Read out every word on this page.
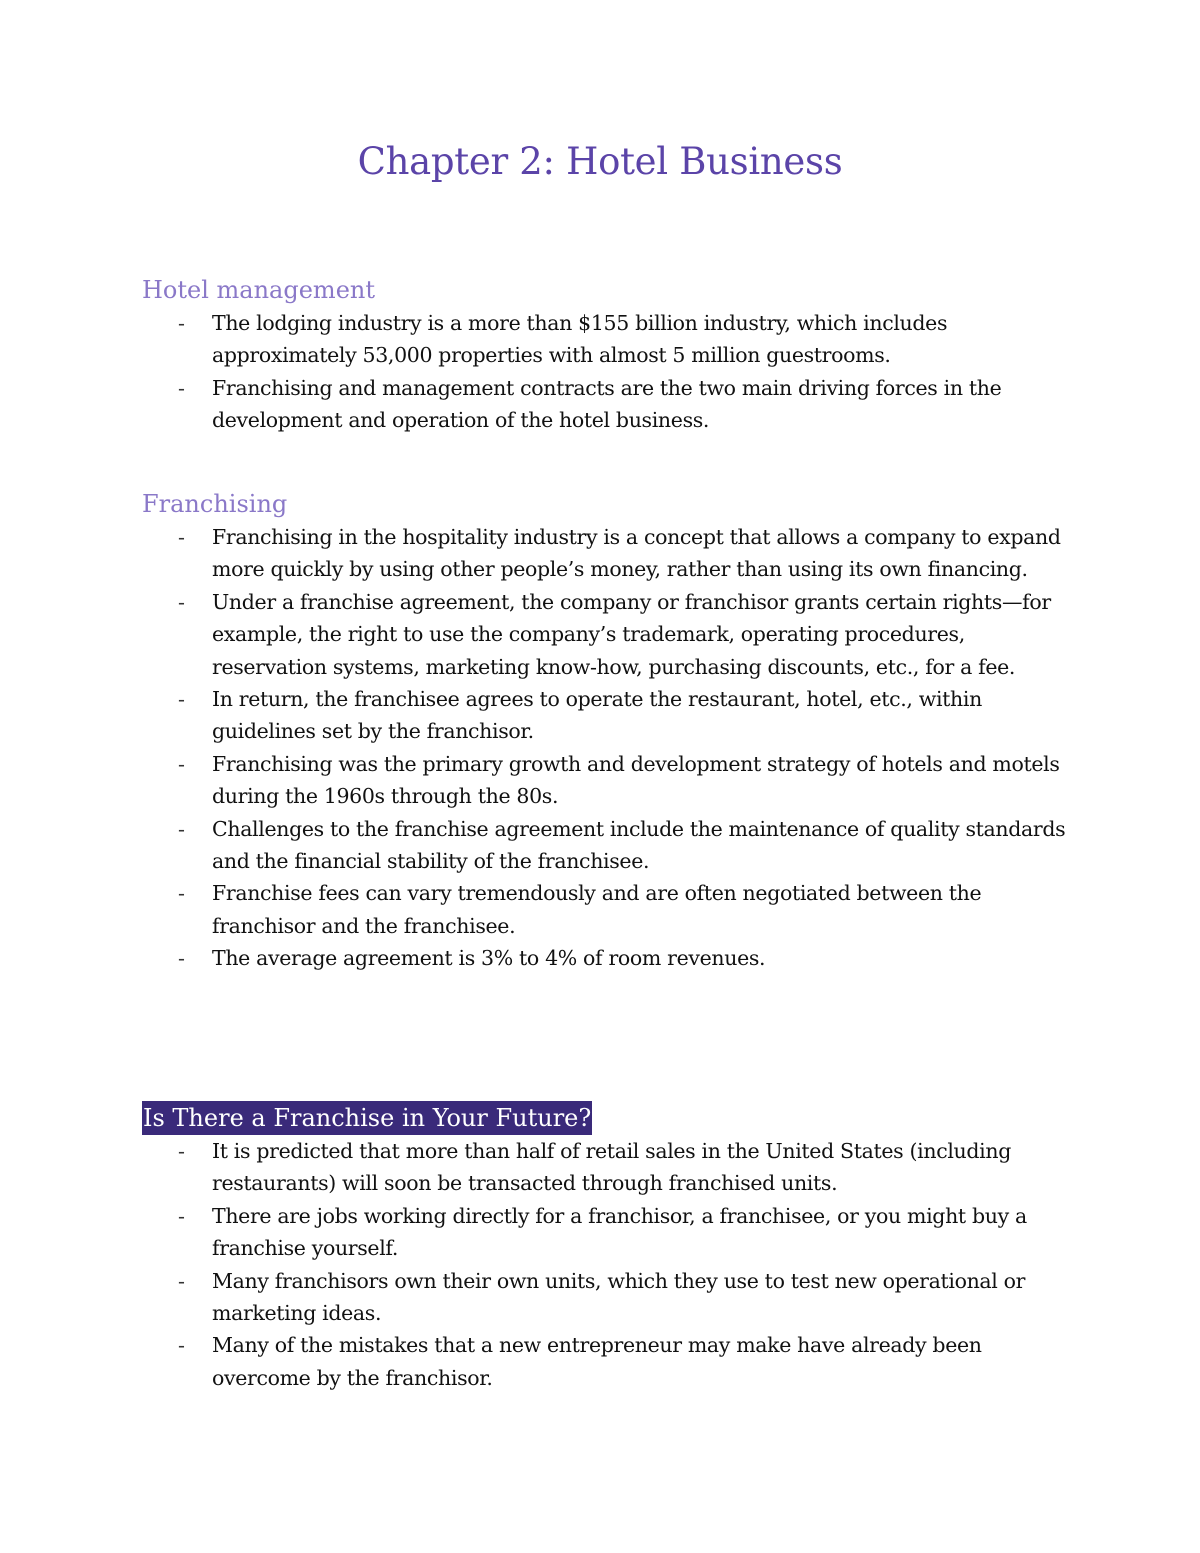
Chapter 2: Hotel Business
Hotel management
- The lodging industry is a more than $155 billion industry, which includes approximately 53,000 properties with almost 5 million guestrooms.
- Franchising and management contracts are the two main driving forces in the development and operation of the hotel business.
Franchising
- Franchising in the hospitality industry is a concept that allows a company to expand more quickly by using other people’s money, rather than using its own financing.
- Under a franchise agreement, the company or franchisor grants certain rights—for example, the right to use the company’s trademark, operating procedures, reservation systems, marketing know-how, purchasing discounts, etc., for a fee.
- In return, the franchisee agrees to operate the restaurant, hotel, etc., within guidelines set by the franchisor.
- Franchising was the primary growth and development strategy of hotels and motels during the 1960s through the 80s.
- Challenges to the franchise agreement include the maintenance of quality standards and the financial stability of the franchisee.
- Franchise fees can vary tremendously and are often negotiated between the franchisor and the franchisee.
- The average agreement is 3% to 4% of room revenues.
Is There a Franchise in Your Future?
- It is predicted that more than half of retail sales in the United States (including restaurants) will soon be transacted through franchised units.
- There are jobs working directly for a franchisor, a franchisee, or you might buy a franchise yourself.
- Many franchisors own their own units, which they use to test new operational or marketing ideas.
- Many of the mistakes that a new entrepreneur may make have already been overcome by the franchisor.
